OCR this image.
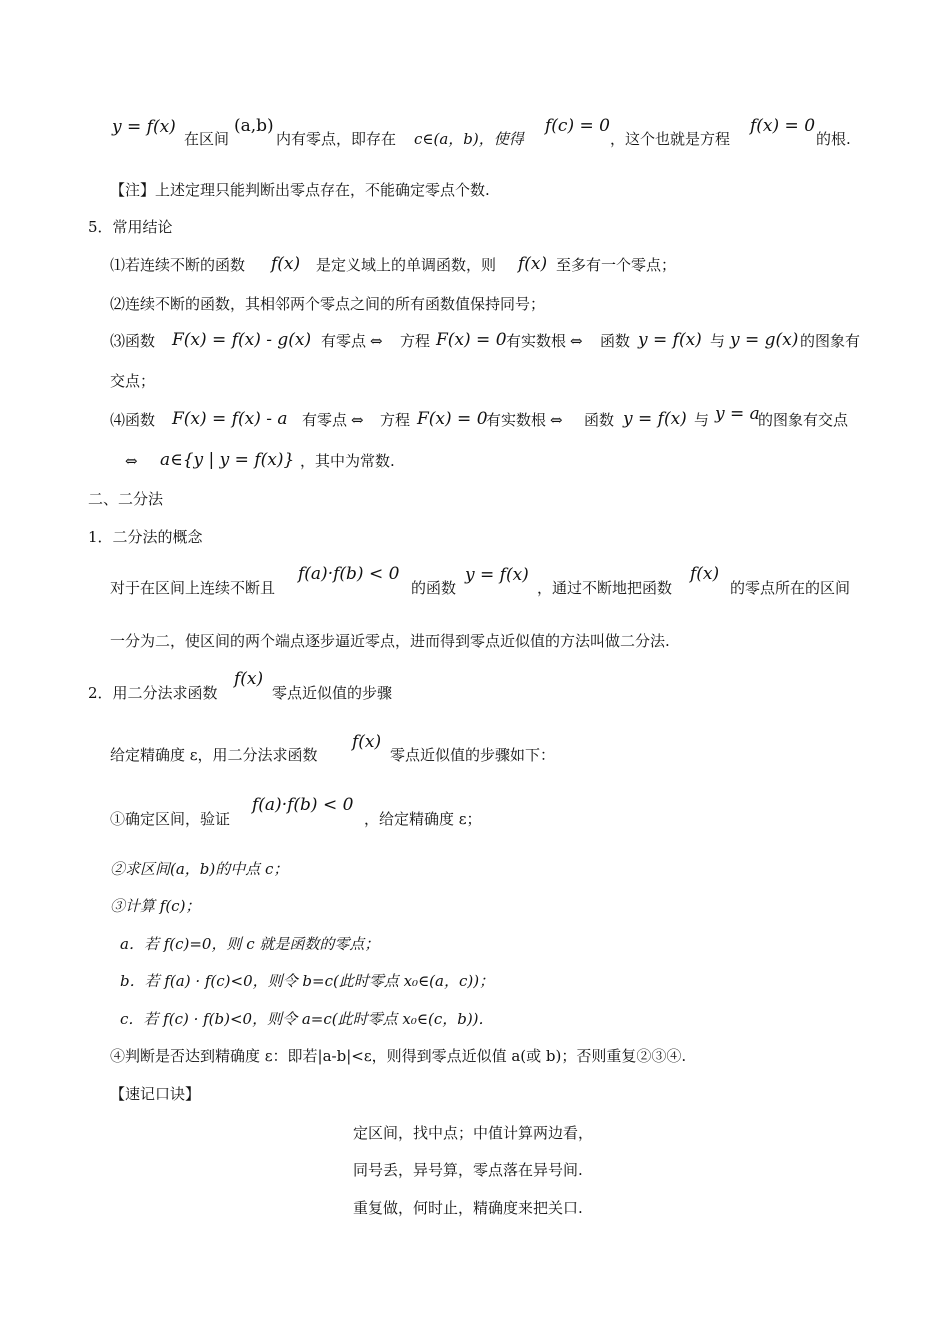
y = f(x)
在区间
(a,b)
内有零点，即存在 c∈(a，b)，使得
f(c) = 0
，这个也就是方程
f(x) = 0
的根.
【注】上述定理只能判断出零点存在，不能确定零点个数.
5．常用结论
⑴若连续不断的函数 f(x) 是定义域上的单调函数，则 f(x) 至多有一个零点；
⑵连续不断的函数，其相邻两个零点之间的所有函数值保持同号；
⑶函数 F(x) = f(x) - g(x) 有零点 ⇔ 方程 F(x) = 0 有实数根 ⇔ 函数 y = f(x) 与 y = g(x) 的图象有
交点；
⑷函数 F(x) = f(x) - a 有零点 ⇔ 方程 F(x) = 0
有实数根 ⇔ 函数 y = f(x) 与 y = a
的图象有交点
⇔ a∈{y | y = f(x)} ，其中为常数.
二、二分法
1．二分法的概念
对于在区间上连续不断且
f(a)·f(b) < 0
的函数
y = f(x)
，通过不断地把函数
f(x)
的零点所在的区间
一分为二，使区间的两个端点逐步逼近零点，进而得到零点近似值的方法叫做二分法.
2．用二分法求函数
f(x)
零点近似值的步骤
给定精确度 ε，用二分法求函数
f(x)
零点近似值的步骤如下：
①确定区间，验证
f(a)·f(b) < 0
，给定精确度 ε；
②求区间(a，b)的中点 c；
③计算 f(c)；
a．若 f(c)=0，则 c 就是函数的零点；
b．若 f(a) · f(c)<0，则令 b=c(此时零点 x₀∈(a，c))；
c．若 f(c) · f(b)<0，则令 a=c(此时零点 x₀∈(c，b))．
④判断是否达到精确度 ε：即若|a-b|<ε，则得到零点近似值 a(或 b)；否则重复②③④.
【速记口诀】
定区间，找中点；中值计算两边看，
同号丢，异号算，零点落在异号间.
重复做，何时止，精确度来把关口.
